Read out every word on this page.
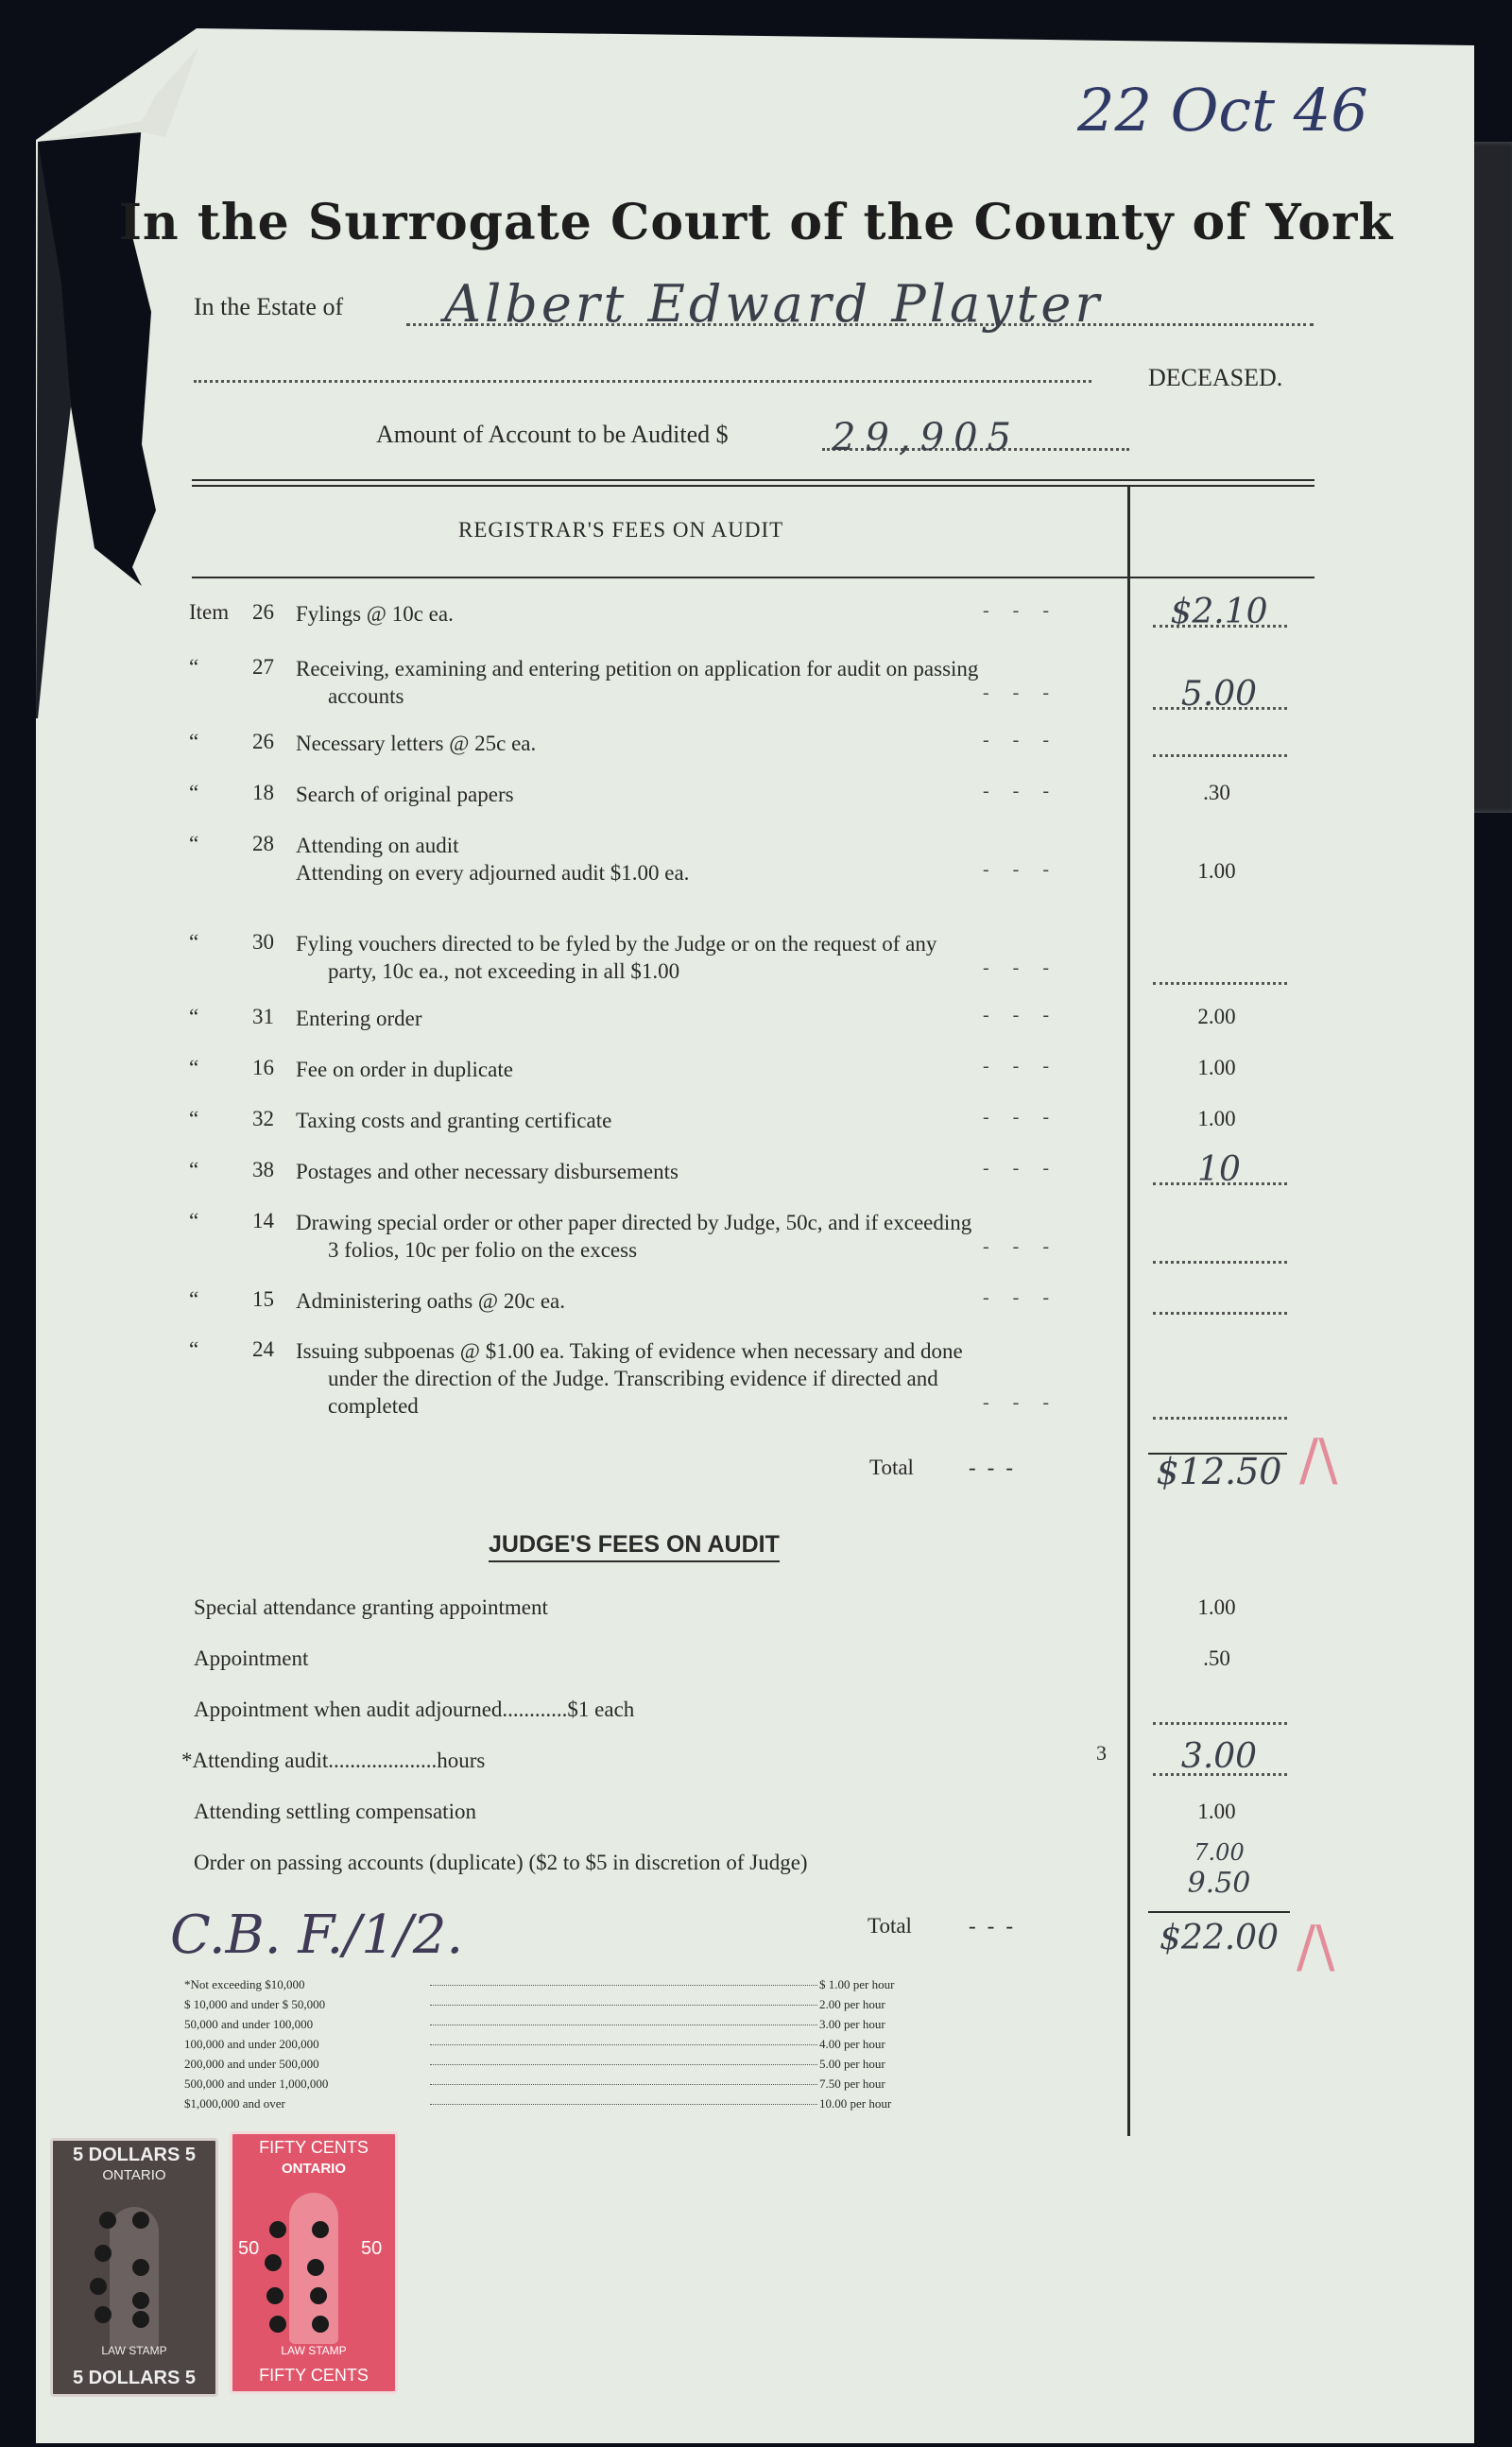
22 Oct 46
In the Surrogate Court of the County of York
In the Estate of Albert Edward Playter
DECEASED.
Amount of Account to be Audited $	29,905
REGISTRAR'S FEES ON AUDIT
Item	26 Fylings @ 10c ea.	- - -	$2.10
“	27 Receiving, examining and entering petition on application for audit on passing
accounts	- - -	5.00
“	26 Necessary letters @ 25c ea.	- - -
“	18 Search of original papers	- - -	.30
“	28 Attending on audit
Attending on every adjourned audit $1.00 ea.	- - -	1.00
“	30 Fyling vouchers directed to be fyled by the Judge or on the request of any
party, 10c ea., not exceeding in all $1.00	- - -
“	31 Entering order	- - -	2.00
“	16 Fee on order in duplicate	- - -	1.00
“	32 Taxing costs and granting certificate	- - -	1.00
“	38 Postages and other necessary disbursements	- - -	10
“	14 Drawing special order or other paper directed by Judge, 50c, and if exceeding
3 folios, 10c per folio on the excess	- - -
“	15 Administering oaths @ 20c ea.	- - -
“	24 Issuing subpoenas @ $1.00 ea. Taking of evidence when necessary and done
under the direction of the Judge. Transcribing evidence if directed and
completed	- - -
Total	---	$12.50 /\
JUDGE'S FEES ON AUDIT
Special attendance granting appointment	1.00
Appointment	.50
Appointment when audit adjourned............$1 each
*Attending audit....................hours	3	3.00
Attending settling compensation	1.00
Order on passing accounts (duplicate) ($2 to $5 in discretion of Judge)	7.00
9.50
Total	---	$22.00 /\
C.B. F./1/2.
*Not exceeding $10,000	$ 1.00 per hour
$ 10,000 and under $ 50,000	2.00 per hour
50,000 and under 100,000	3.00 per hour
100,000 and under 200,000	4.00 per hour
200,000 and under 500,000	5.00 per hour
500,000 and under 1,000,000	7.50 per hour
$1,000,000 and over	10.00 per hour
5 DOLLARS 5
ONTARIO
LAW STAMP
5 DOLLARS 5
FIFTY CENTS
ONTARIO
50	50
LAW STAMP
FIFTY CENTS
